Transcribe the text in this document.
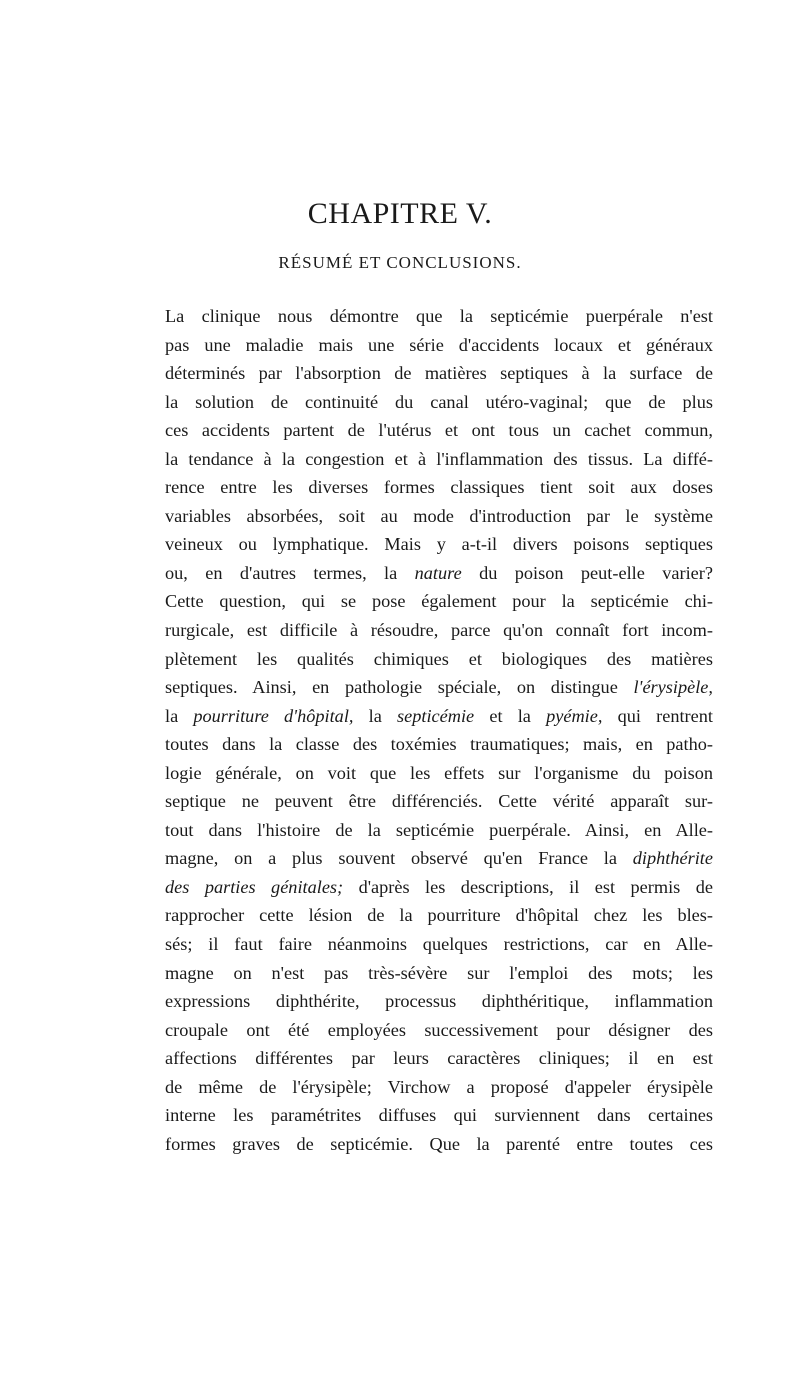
CHAPITRE V.
RÉSUMÉ ET CONCLUSIONS.
La clinique nous démontre que la septicémie puerpérale n'est
pas une maladie mais une série d'accidents locaux et généraux
déterminés par l'absorption de matières septiques à la surface de
la solution de continuité du canal utéro-vaginal; que de plus
ces accidents partent de l'utérus et ont tous un cachet commun,
la tendance à la congestion et à l'inflammation des tissus. La diffé-
rence entre les diverses formes classiques tient soit aux doses
variables absorbées, soit au mode d'introduction par le système
veineux ou lymphatique. Mais y a-t-il divers poisons septiques
ou, en d'autres termes, la nature du poison peut-elle varier?
Cette question, qui se pose également pour la septicémie chi-
rurgicale, est difficile à résoudre, parce qu'on connaît fort incom-
plètement les qualités chimiques et biologiques des matières
septiques. Ainsi, en pathologie spéciale, on distingue l'érysipèle,
la pourriture d'hôpital, la septicémie et la pyémie, qui rentrent
toutes dans la classe des toxémies traumatiques; mais, en patho-
logie générale, on voit que les effets sur l'organisme du poison
septique ne peuvent être différenciés. Cette vérité apparaît sur-
tout dans l'histoire de la septicémie puerpérale. Ainsi, en Alle-
magne, on a plus souvent observé qu'en France la diphthérite
des parties génitales; d'après les descriptions, il est permis de
rapprocher cette lésion de la pourriture d'hôpital chez les bles-
sés; il faut faire néanmoins quelques restrictions, car en Alle-
magne on n'est pas très-sévère sur l'emploi des mots; les
expressions diphthérite, processus diphthéritique, inflammation
croupale ont été employées successivement pour désigner des
affections différentes par leurs caractères cliniques; il en est
de même de l'érysipèle; Virchow a proposé d'appeler érysipèle
interne les paramétrites diffuses qui surviennent dans certaines
formes graves de septicémie. Que la parenté entre toutes ces
